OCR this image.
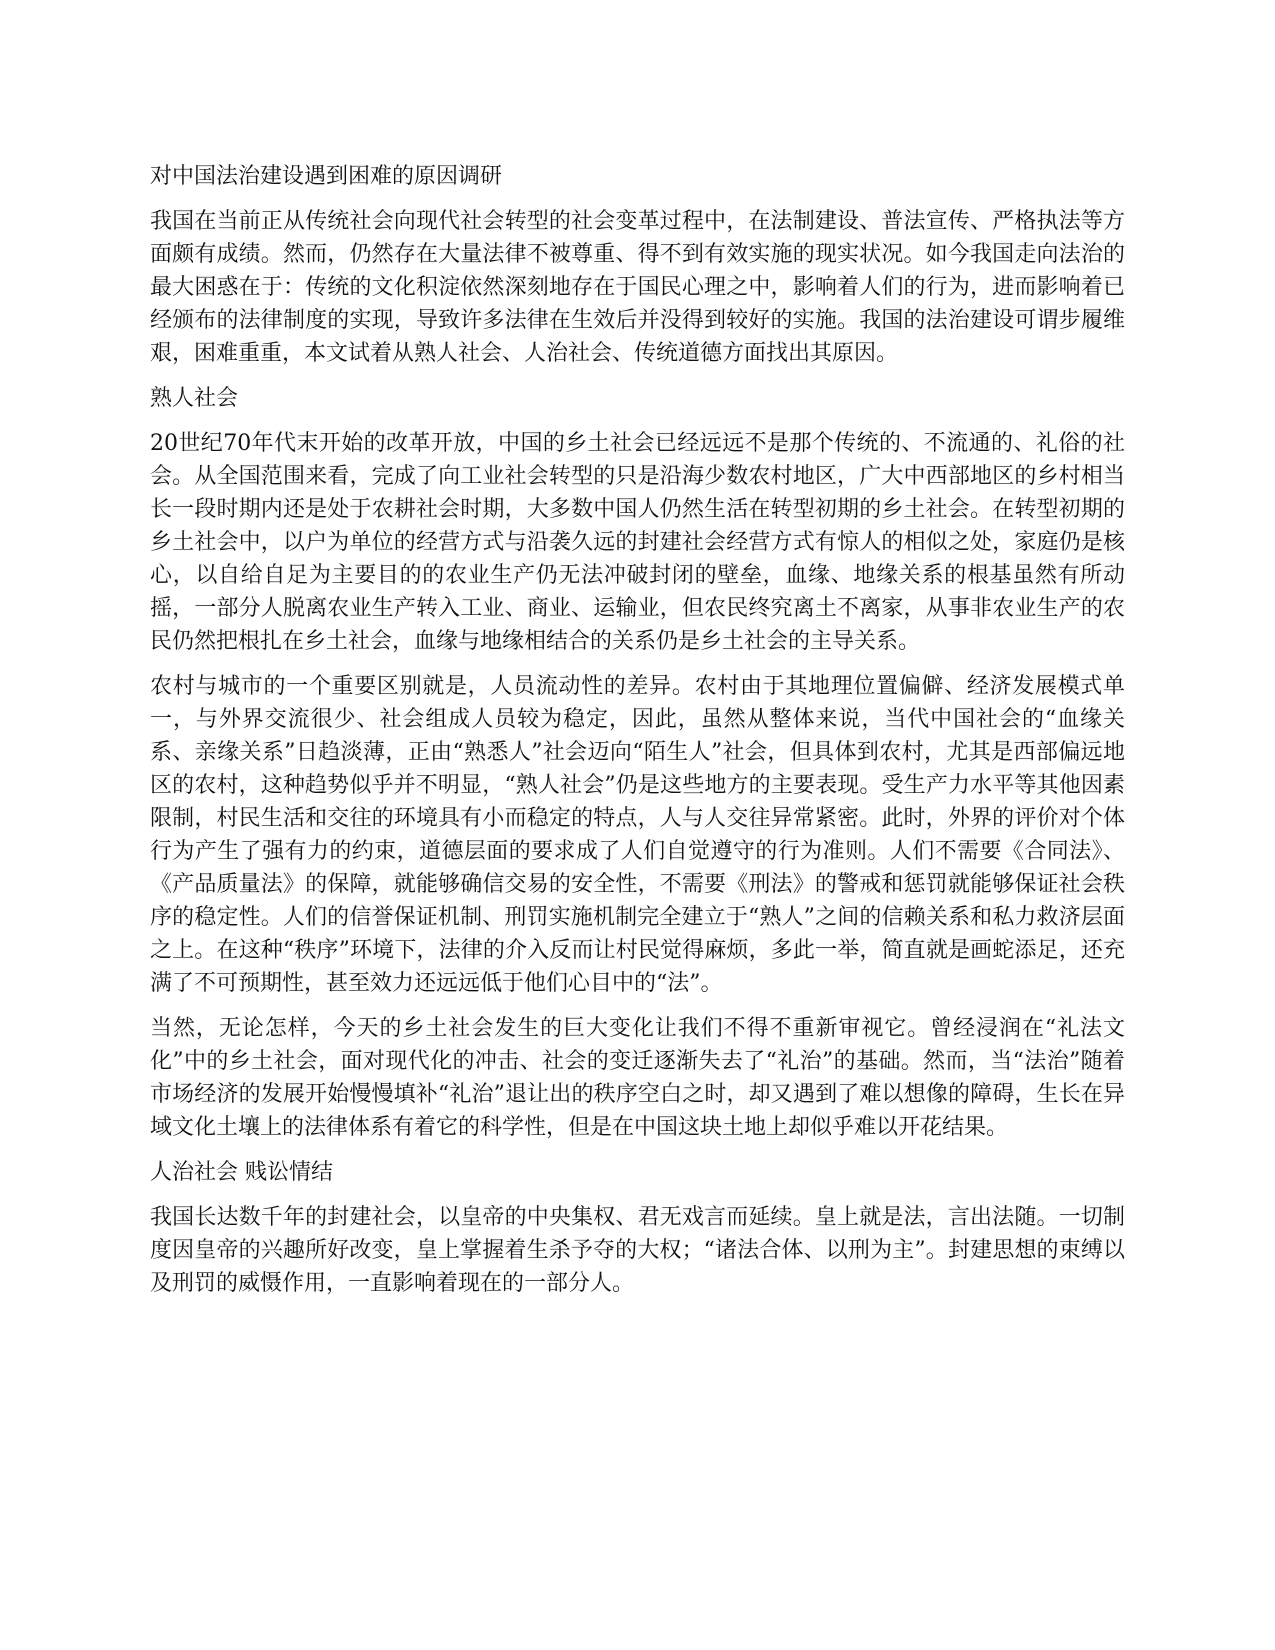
对中国法治建设遇到困难的原因调研
我国在当前正从传统社会向现代社会转型的社会变革过程中，在法制建设、普法宣传、严格执法等方面颇有成绩。然而，仍然存在大量法律不被尊重、得不到有效实施的现实状况。如今我国走向法治的最大困惑在于：传统的文化积淀依然深刻地存在于国民心理之中，影响着人们的行为，进而影响着已经颁布的法律制度的实现，导致许多法律在生效后并没得到较好的实施。我国的法治建设可谓步履维艰，困难重重，本文试着从熟人社会、人治社会、传统道德方面找出其原因。
熟人社会
20世纪70年代末开始的改革开放，中国的乡土社会已经远远不是那个传统的、不流通的、礼俗的社会。从全国范围来看，完成了向工业社会转型的只是沿海少数农村地区，广大中西部地区的乡村相当长一段时期内还是处于农耕社会时期，大多数中国人仍然生活在转型初期的乡土社会。在转型初期的乡土社会中，以户为单位的经营方式与沿袭久远的封建社会经营方式有惊人的相似之处，家庭仍是核心，以自给自足为主要目的的农业生产仍无法冲破封闭的壁垒，血缘、地缘关系的根基虽然有所动摇，一部分人脱离农业生产转入工业、商业、运输业，但农民终究离土不离家，从事非农业生产的农民仍然把根扎在乡土社会，血缘与地缘相结合的关系仍是乡土社会的主导关系。
农村与城市的一个重要区别就是，人员流动性的差异。农村由于其地理位置偏僻、经济发展模式单一，与外界交流很少、社会组成人员较为稳定，因此，虽然从整体来说，当代中国社会的“血缘关系、亲缘关系”日趋淡薄，正由“熟悉人”社会迈向“陌生人”社会，但具体到农村，尤其是西部偏远地区的农村，这种趋势似乎并不明显，“熟人社会”仍是这些地方的主要表现。受生产力水平等其他因素限制，村民生活和交往的环境具有小而稳定的特点，人与人交往异常紧密。此时，外界的评价对个体行为产生了强有力的约束，道德层面的要求成了人们自觉遵守的行为准则。人们不需要《合同法》、《产品质量法》的保障，就能够确信交易的安全性，不需要《刑法》的警戒和惩罚就能够保证社会秩序的稳定性。人们的信誉保证机制、刑罚实施机制完全建立于“熟人”之间的信赖关系和私力救济层面之上。在这种“秩序”环境下，法律的介入反而让村民觉得麻烦，多此一举，简直就是画蛇添足，还充满了不可预期性，甚至效力还远远低于他们心目中的“法”。
当然，无论怎样，今天的乡土社会发生的巨大变化让我们不得不重新审视它。曾经浸润在“礼法文化”中的乡土社会，面对现代化的冲击、社会的变迁逐渐失去了“礼治”的基础。然而，当“法治”随着市场经济的发展开始慢慢填补“礼治”退让出的秩序空白之时，却又遇到了难以想像的障碍，生长在异域文化土壤上的法律体系有着它的科学性，但是在中国这块土地上却似乎难以开花结果。
人治社会 贱讼情结
我国长达数千年的封建社会，以皇帝的中央集权、君无戏言而延续。皇上就是法，言出法随。一切制度因皇帝的兴趣所好改变，皇上掌握着生杀予夺的大权；“诸法合体、以刑为主”。封建思想的束缚以及刑罚的威慑作用，一直影响着现在的一部分人。
